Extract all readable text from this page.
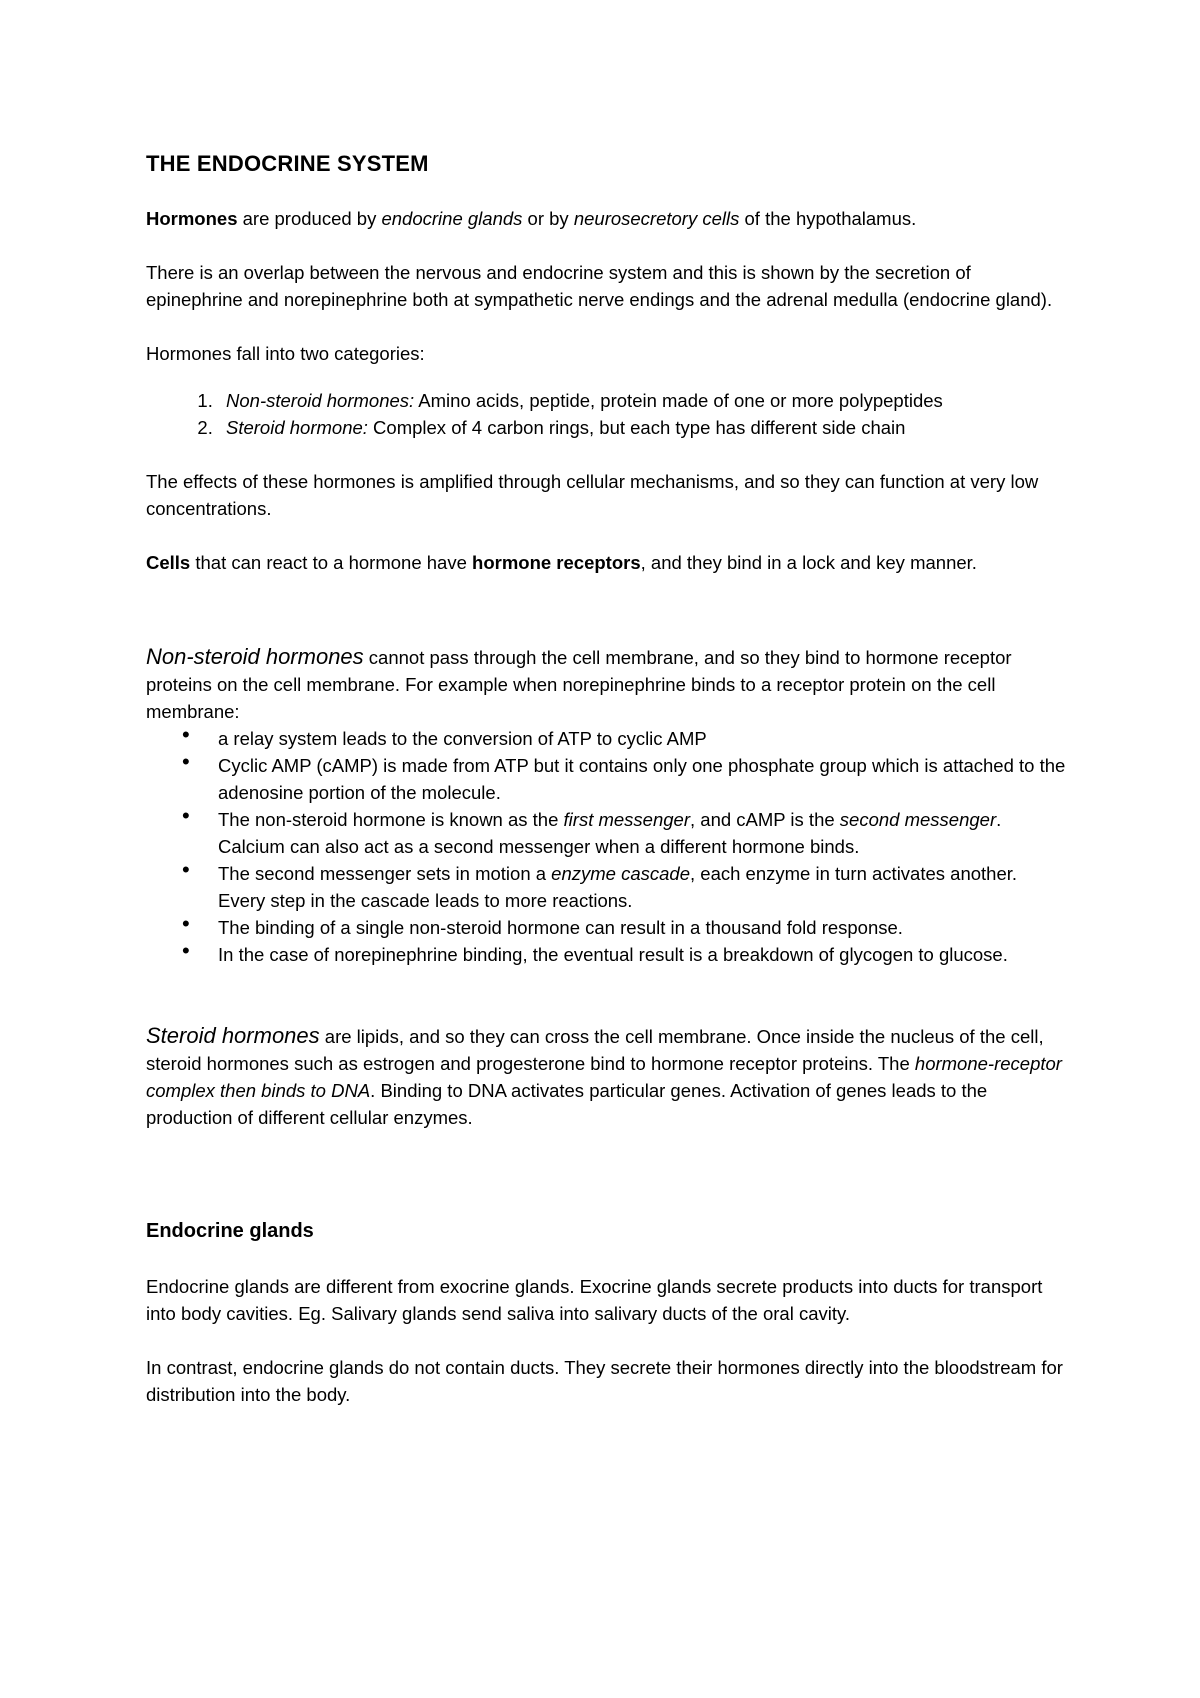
THE ENDOCRINE SYSTEM

Hormones are produced by endocrine glands or by neurosecretory cells of the hypothalamus.

There is an overlap between the nervous and endocrine system and this is shown by the secretion of epinephrine and norepinephrine both at sympathetic nerve endings and the adrenal medulla (endocrine gland).

Hormones fall into two categories:

1. Non-steroid hormones: Amino acids, peptide, protein made of one or more polypeptides
2. Steroid hormone: Complex of 4 carbon rings, but each type has different side chain

The effects of these hormones is amplified through cellular mechanisms, and so they can function at very low concentrations.

Cells that can react to a hormone have hormone receptors, and they bind in a lock and key manner.

Non-steroid hormones cannot pass through the cell membrane, and so they bind to hormone receptor proteins on the cell membrane. For example when norepinephrine binds to a receptor protein on the cell membrane:
• a relay system leads to the conversion of ATP to cyclic AMP
• Cyclic AMP (cAMP) is made from ATP but it contains only one phosphate group which is attached to the adenosine portion of the molecule.
• The non-steroid hormone is known as the first messenger, and cAMP is the second messenger. Calcium can also act as a second messenger when a different hormone binds.
• The second messenger sets in motion a enzyme cascade, each enzyme in turn activates another. Every step in the cascade leads to more reactions.
• The binding of a single non-steroid hormone can result in a thousand fold response.
• In the case of norepinephrine binding, the eventual result is a breakdown of glycogen to glucose.

Steroid hormones are lipids, and so they can cross the cell membrane. Once inside the nucleus of the cell, steroid hormones such as estrogen and progesterone bind to hormone receptor proteins. The hormone-receptor complex then binds to DNA. Binding to DNA activates particular genes. Activation of genes leads to the production of different cellular enzymes.

Endocrine glands

Endocrine glands are different from exocrine glands. Exocrine glands secrete products into ducts for transport into body cavities. Eg. Salivary glands send saliva into salivary ducts of the oral cavity.

In contrast, endocrine glands do not contain ducts. They secrete their hormones directly into the bloodstream for distribution into the body.
